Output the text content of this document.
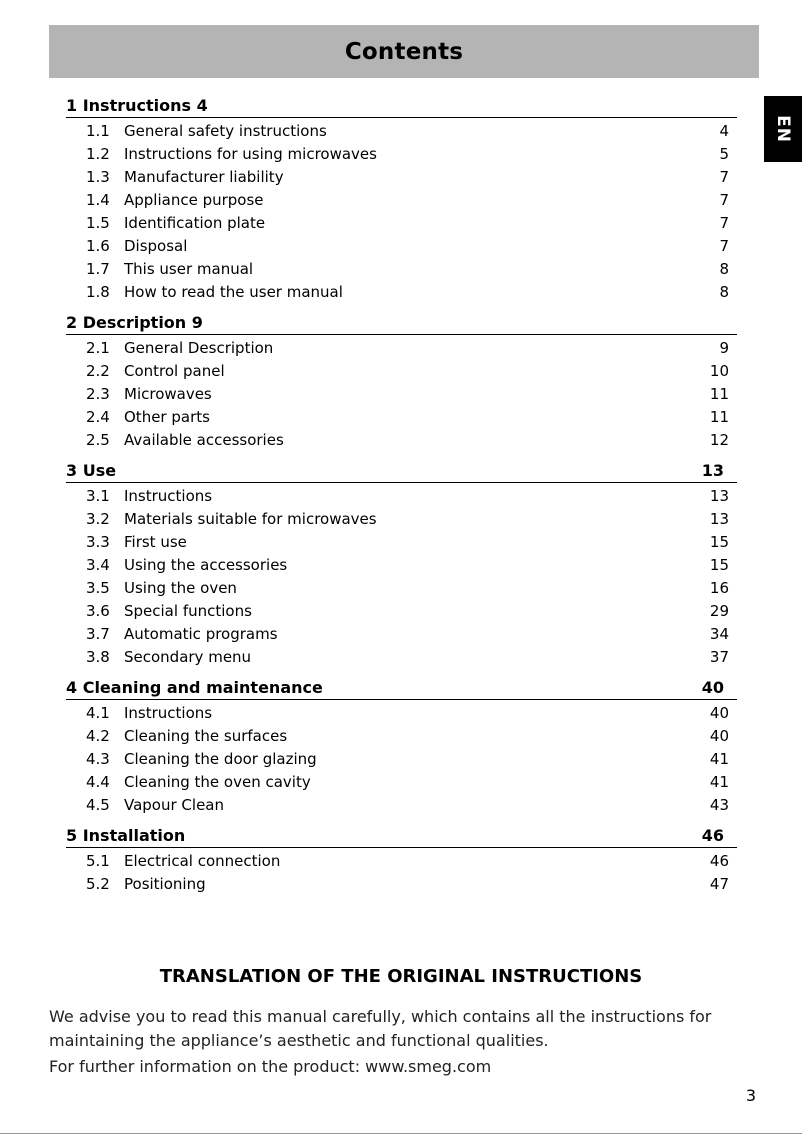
Contents
EN
1 Instructions 4
1.1 General safety instructions	4
1.2 Instructions for using microwaves	5
1.3 Manufacturer liability	7
1.4 Appliance purpose	7
1.5 Identification plate	7
1.6 Disposal	7
1.7 This user manual	8
1.8 How to read the user manual	8
2 Description 9
2.1 General Description	9
2.2 Control panel	10
2.3 Microwaves	11
2.4 Other parts	11
2.5 Available accessories	12
3 Use	13
3.1 Instructions	13
3.2 Materials suitable for microwaves	13
3.3 First use	15
3.4 Using the accessories	15
3.5 Using the oven	16
3.6 Special functions	29
3.7 Automatic programs	34
3.8 Secondary menu	37
4 Cleaning and maintenance	40
4.1 Instructions	40
4.2 Cleaning the surfaces	40
4.3 Cleaning the door glazing	41
4.4 Cleaning the oven cavity	41
4.5 Vapour Clean	43
5 Installation	46
5.1 Electrical connection	46
5.2 Positioning	47
TRANSLATION OF THE ORIGINAL INSTRUCTIONS
We advise you to read this manual carefully, which contains all the instructions for maintaining the appliance’s aesthetic and functional qualities.
For further information on the product: www.smeg.com
3
